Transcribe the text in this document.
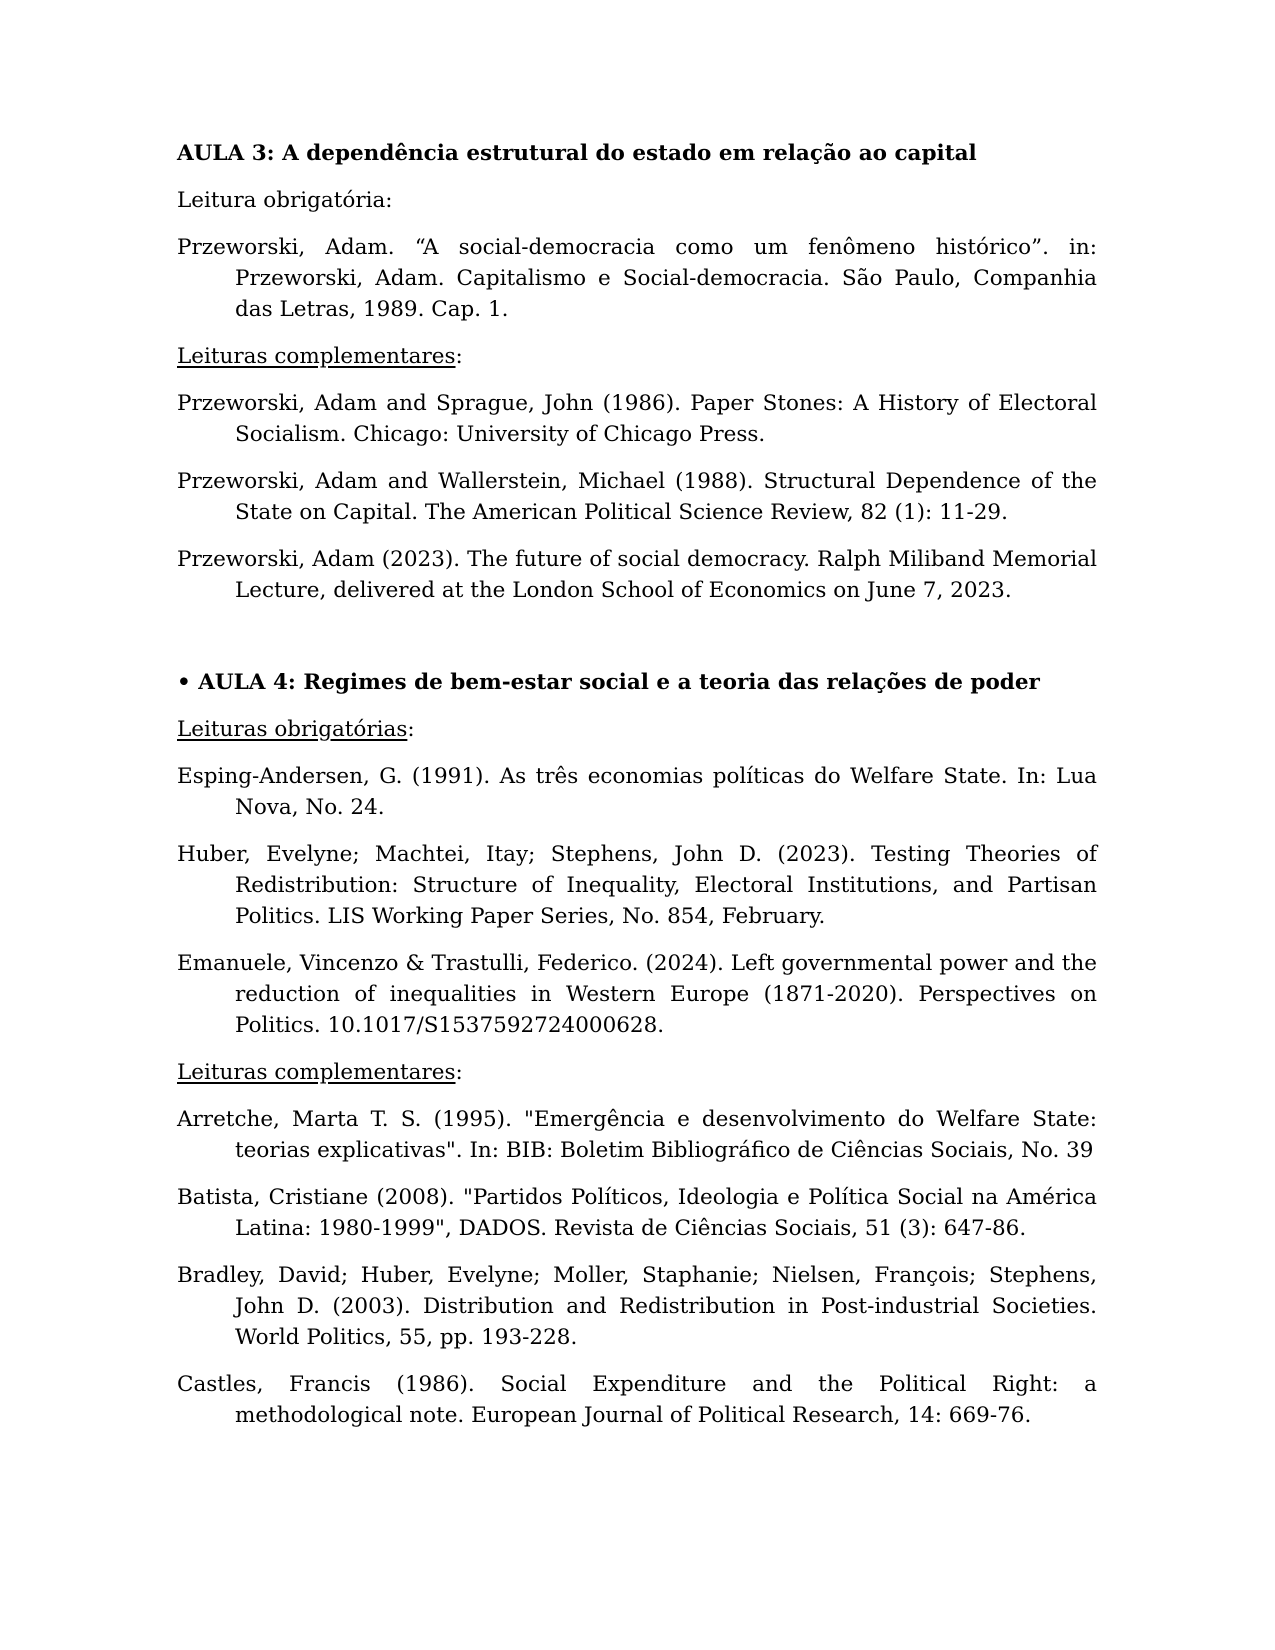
AULA 3: A dependência estrutural do estado em relação ao capital
Leitura obrigatória:
Przeworski, Adam. “A social-democracia como um fenômeno histórico”. in: Przeworski, Adam. Capitalismo e Social-democracia. São Paulo, Companhia das Letras, 1989. Cap. 1.
Leituras complementares:
Przeworski, Adam and Sprague, John (1986). Paper Stones: A History of Electoral Socialism. Chicago: University of Chicago Press.
Przeworski, Adam and Wallerstein, Michael (1988). Structural Dependence of the State on Capital. The American Political Science Review, 82 (1): 11-29.
Przeworski, Adam (2023). The future of social democracy. Ralph Miliband Memorial Lecture, delivered at the London School of Economics on June 7, 2023.
• AULA 4: Regimes de bem-estar social e a teoria das relações de poder
Leituras obrigatórias:
Esping-Andersen, G. (1991). As três economias políticas do Welfare State. In: Lua Nova, No. 24.
Huber, Evelyne; Machtei, Itay; Stephens, John D. (2023). Testing Theories of Redistribution: Structure of Inequality, Electoral Institutions, and Partisan Politics. LIS Working Paper Series, No. 854, February.
Emanuele, Vincenzo & Trastulli, Federico. (2024). Left governmental power and the reduction of inequalities in Western Europe (1871-2020). Perspectives on Politics. 10.1017/S1537592724000628.
Leituras complementares:
Arretche, Marta T. S. (1995). "Emergência e desenvolvimento do Welfare State: teorias explicativas". In: BIB: Boletim Bibliográfico de Ciências Sociais, No. 39
Batista, Cristiane (2008). "Partidos Políticos, Ideologia e Política Social na América Latina: 1980-1999", DADOS. Revista de Ciências Sociais, 51 (3): 647-86.
Bradley, David; Huber, Evelyne; Moller, Staphanie; Nielsen, François; Stephens, John D. (2003). Distribution and Redistribution in Post-industrial Societies. World Politics, 55, pp. 193-228.
Castles, Francis (1986). Social Expenditure and the Political Right: a methodological note. European Journal of Political Research, 14: 669-76.
